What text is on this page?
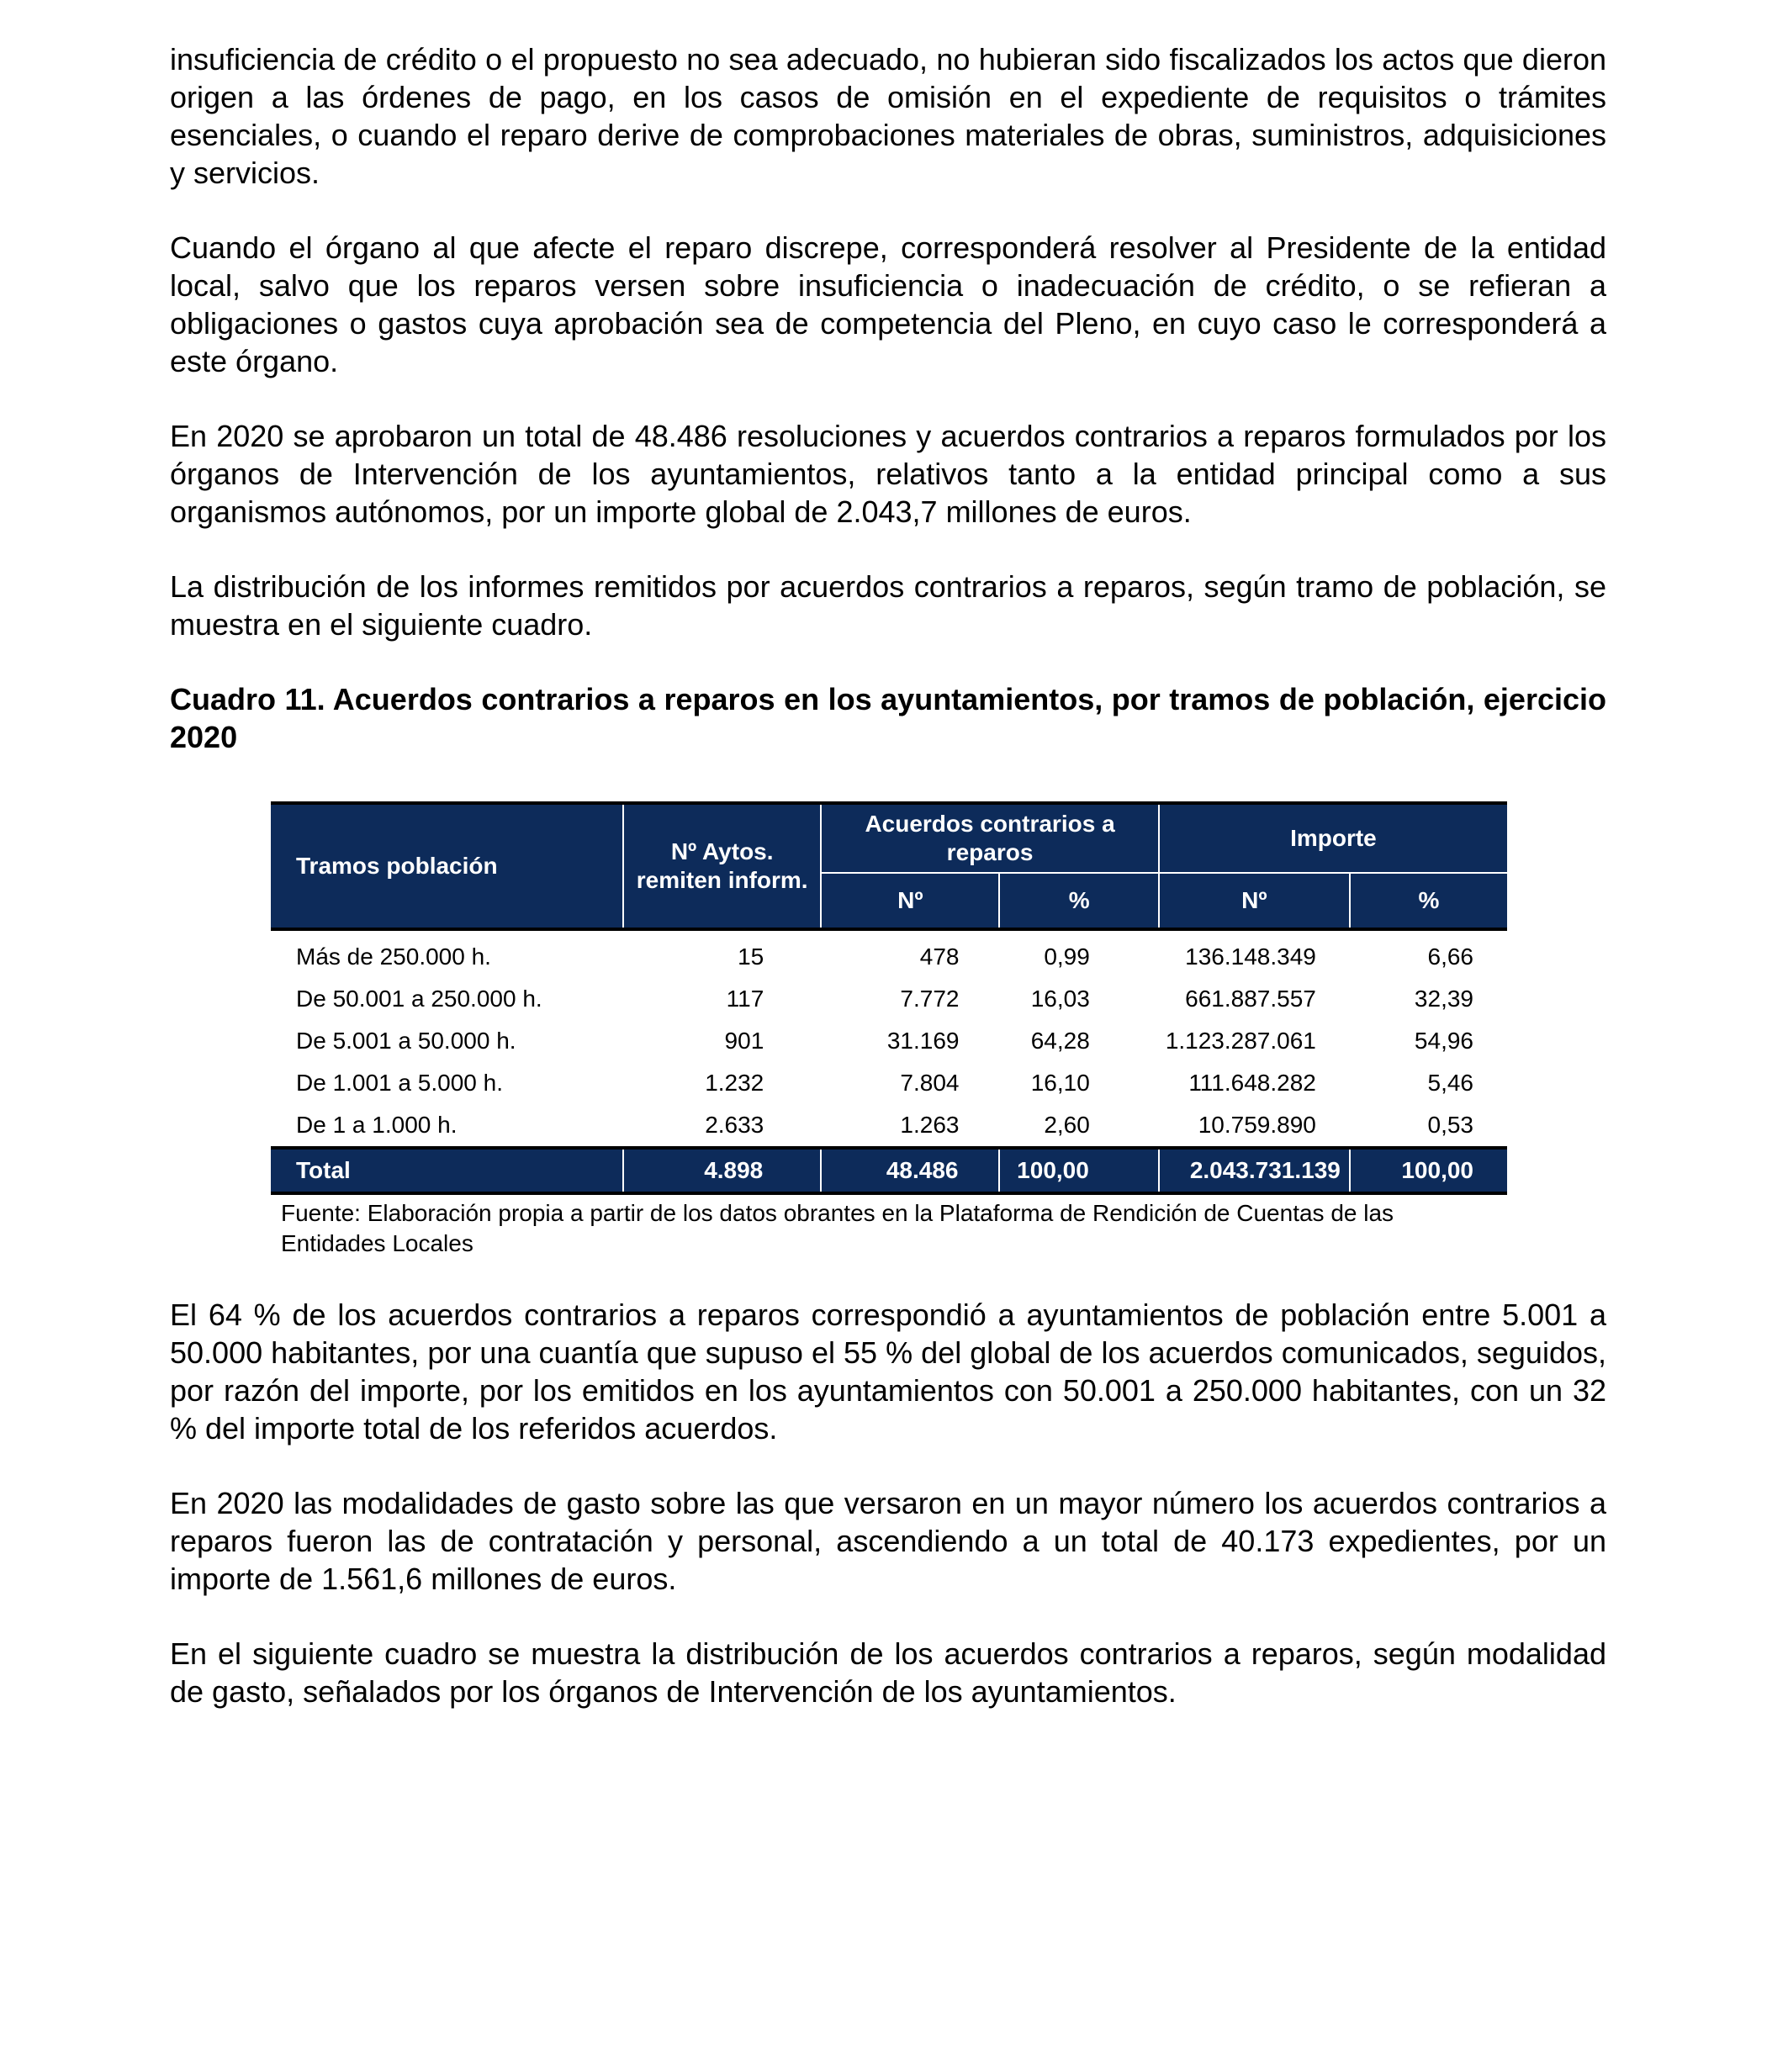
insuficiencia de crédito o el propuesto no sea adecuado, no hubieran sido fiscalizados los actos que dieron origen a las órdenes de pago, en los casos de omisión en el expediente de requisitos o trámites esenciales, o cuando el reparo derive de comprobaciones materiales de obras, suministros, adquisiciones y servicios.

Cuando el órgano al que afecte el reparo discrepe, corresponderá resolver al Presidente de la entidad local, salvo que los reparos versen sobre insuficiencia o inadecuación de crédito, o se refieran a obligaciones o gastos cuya aprobación sea de competencia del Pleno, en cuyo caso le corresponderá a este órgano.

En 2020 se aprobaron un total de 48.486 resoluciones y acuerdos contrarios a reparos formulados por los órganos de Intervención de los ayuntamientos, relativos tanto a la entidad principal como a sus organismos autónomos, por un importe global de 2.043,7 millones de euros.

La distribución de los informes remitidos por acuerdos contrarios a reparos, según tramo de población, se muestra en el siguiente cuadro.

Cuadro 11. Acuerdos contrarios a reparos en los ayuntamientos, por tramos de población, ejercicio 2020
Tramos población	Nº Aytos. remiten inform.	Acuerdos contrarios a reparos		Importe	
		Nº	%	Nº	%
Más de 250.000 h.	15	478	0,99	136.148.349	6,66
De 50.001 a 250.000 h.	117	7.772	16,03	661.887.557	32,39
De 5.001 a 50.000 h.	901	31.169	64,28	1.123.287.061	54,96
De 1.001 a 5.000 h.	1.232	7.804	16,10	111.648.282	5,46
De 1 a 1.000 h.	2.633	1.263	2,60	10.759.890	0,53
Total	4.898	48.486	100,00	2.043.731.139	100,00
Fuente: Elaboración propia a partir de los datos obrantes en la Plataforma de Rendición de Cuentas de las Entidades Locales

El 64 % de los acuerdos contrarios a reparos correspondió a ayuntamientos de población entre 5.001 a 50.000 habitantes, por una cuantía que supuso el 55 % del global de los acuerdos comunicados, seguidos, por razón del importe, por los emitidos en los ayuntamientos con 50.001 a 250.000 habitantes, con un 32 % del importe total de los referidos acuerdos.

En 2020 las modalidades de gasto sobre las que versaron en un mayor número los acuerdos contrarios a reparos fueron las de contratación y personal, ascendiendo a un total de 40.173 expedientes, por un importe de 1.561,6 millones de euros.

En el siguiente cuadro se muestra la distribución de los acuerdos contrarios a reparos, según modalidad de gasto, señalados por los órganos de Intervención de los ayuntamientos.
